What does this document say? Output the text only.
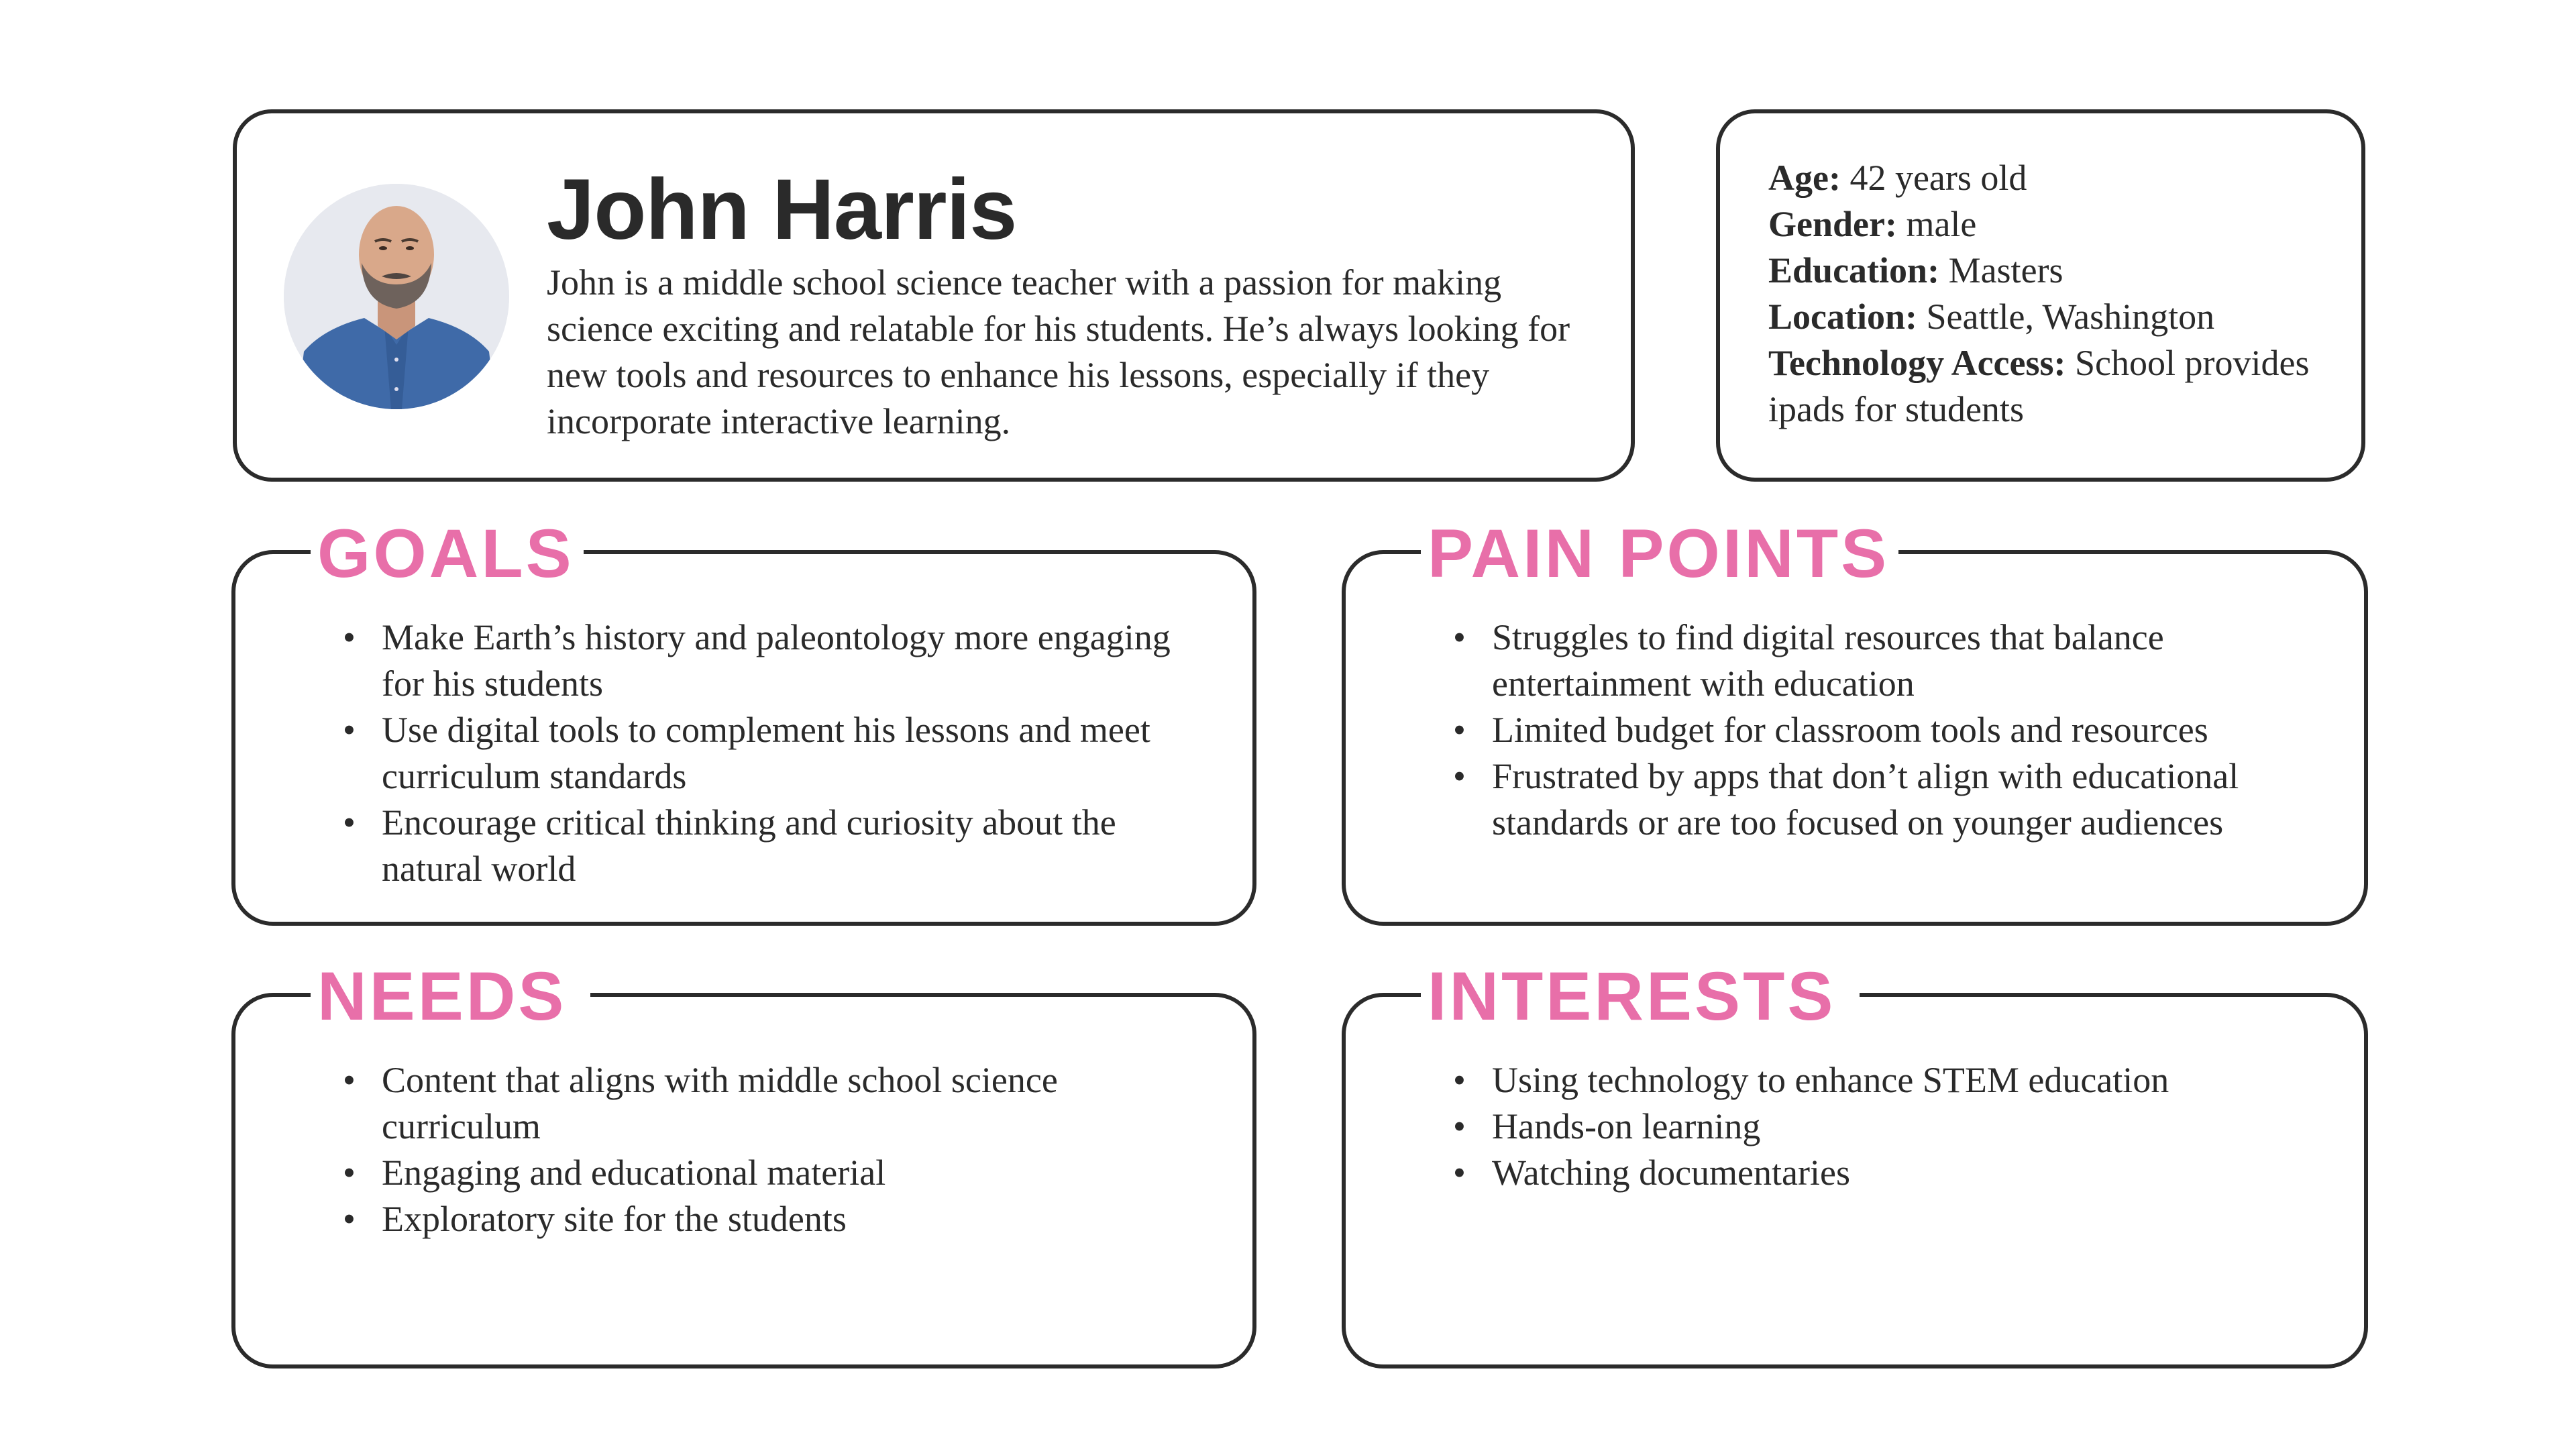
John Harris

John is a middle school science teacher with a passion for making science exciting and relatable for his students. He’s always looking for new tools and resources to enhance his lessons, especially if they incorporate interactive learning.

Age: 42 years old
Gender: male
Education: Masters
Location: Seattle, Washington
Technology Access: School provides ipads for students
GOALS
• Make Earth’s history and paleontology more engaging for his students
• Use digital tools to complement his lessons and meet curriculum standards
• Encourage critical thinking and curiosity about the natural world
PAIN POINTS
• Struggles to find digital resources that balance entertainment with education
• Limited budget for classroom tools and resources
• Frustrated by apps that don’t align with educational standards or are too focused on younger audiences
NEEDS
• Content that aligns with middle school science curriculum
• Engaging and educational material
• Exploratory site for the students
INTERESTS
• Using technology to enhance STEM education
• Hands-on learning
• Watching documentaries
